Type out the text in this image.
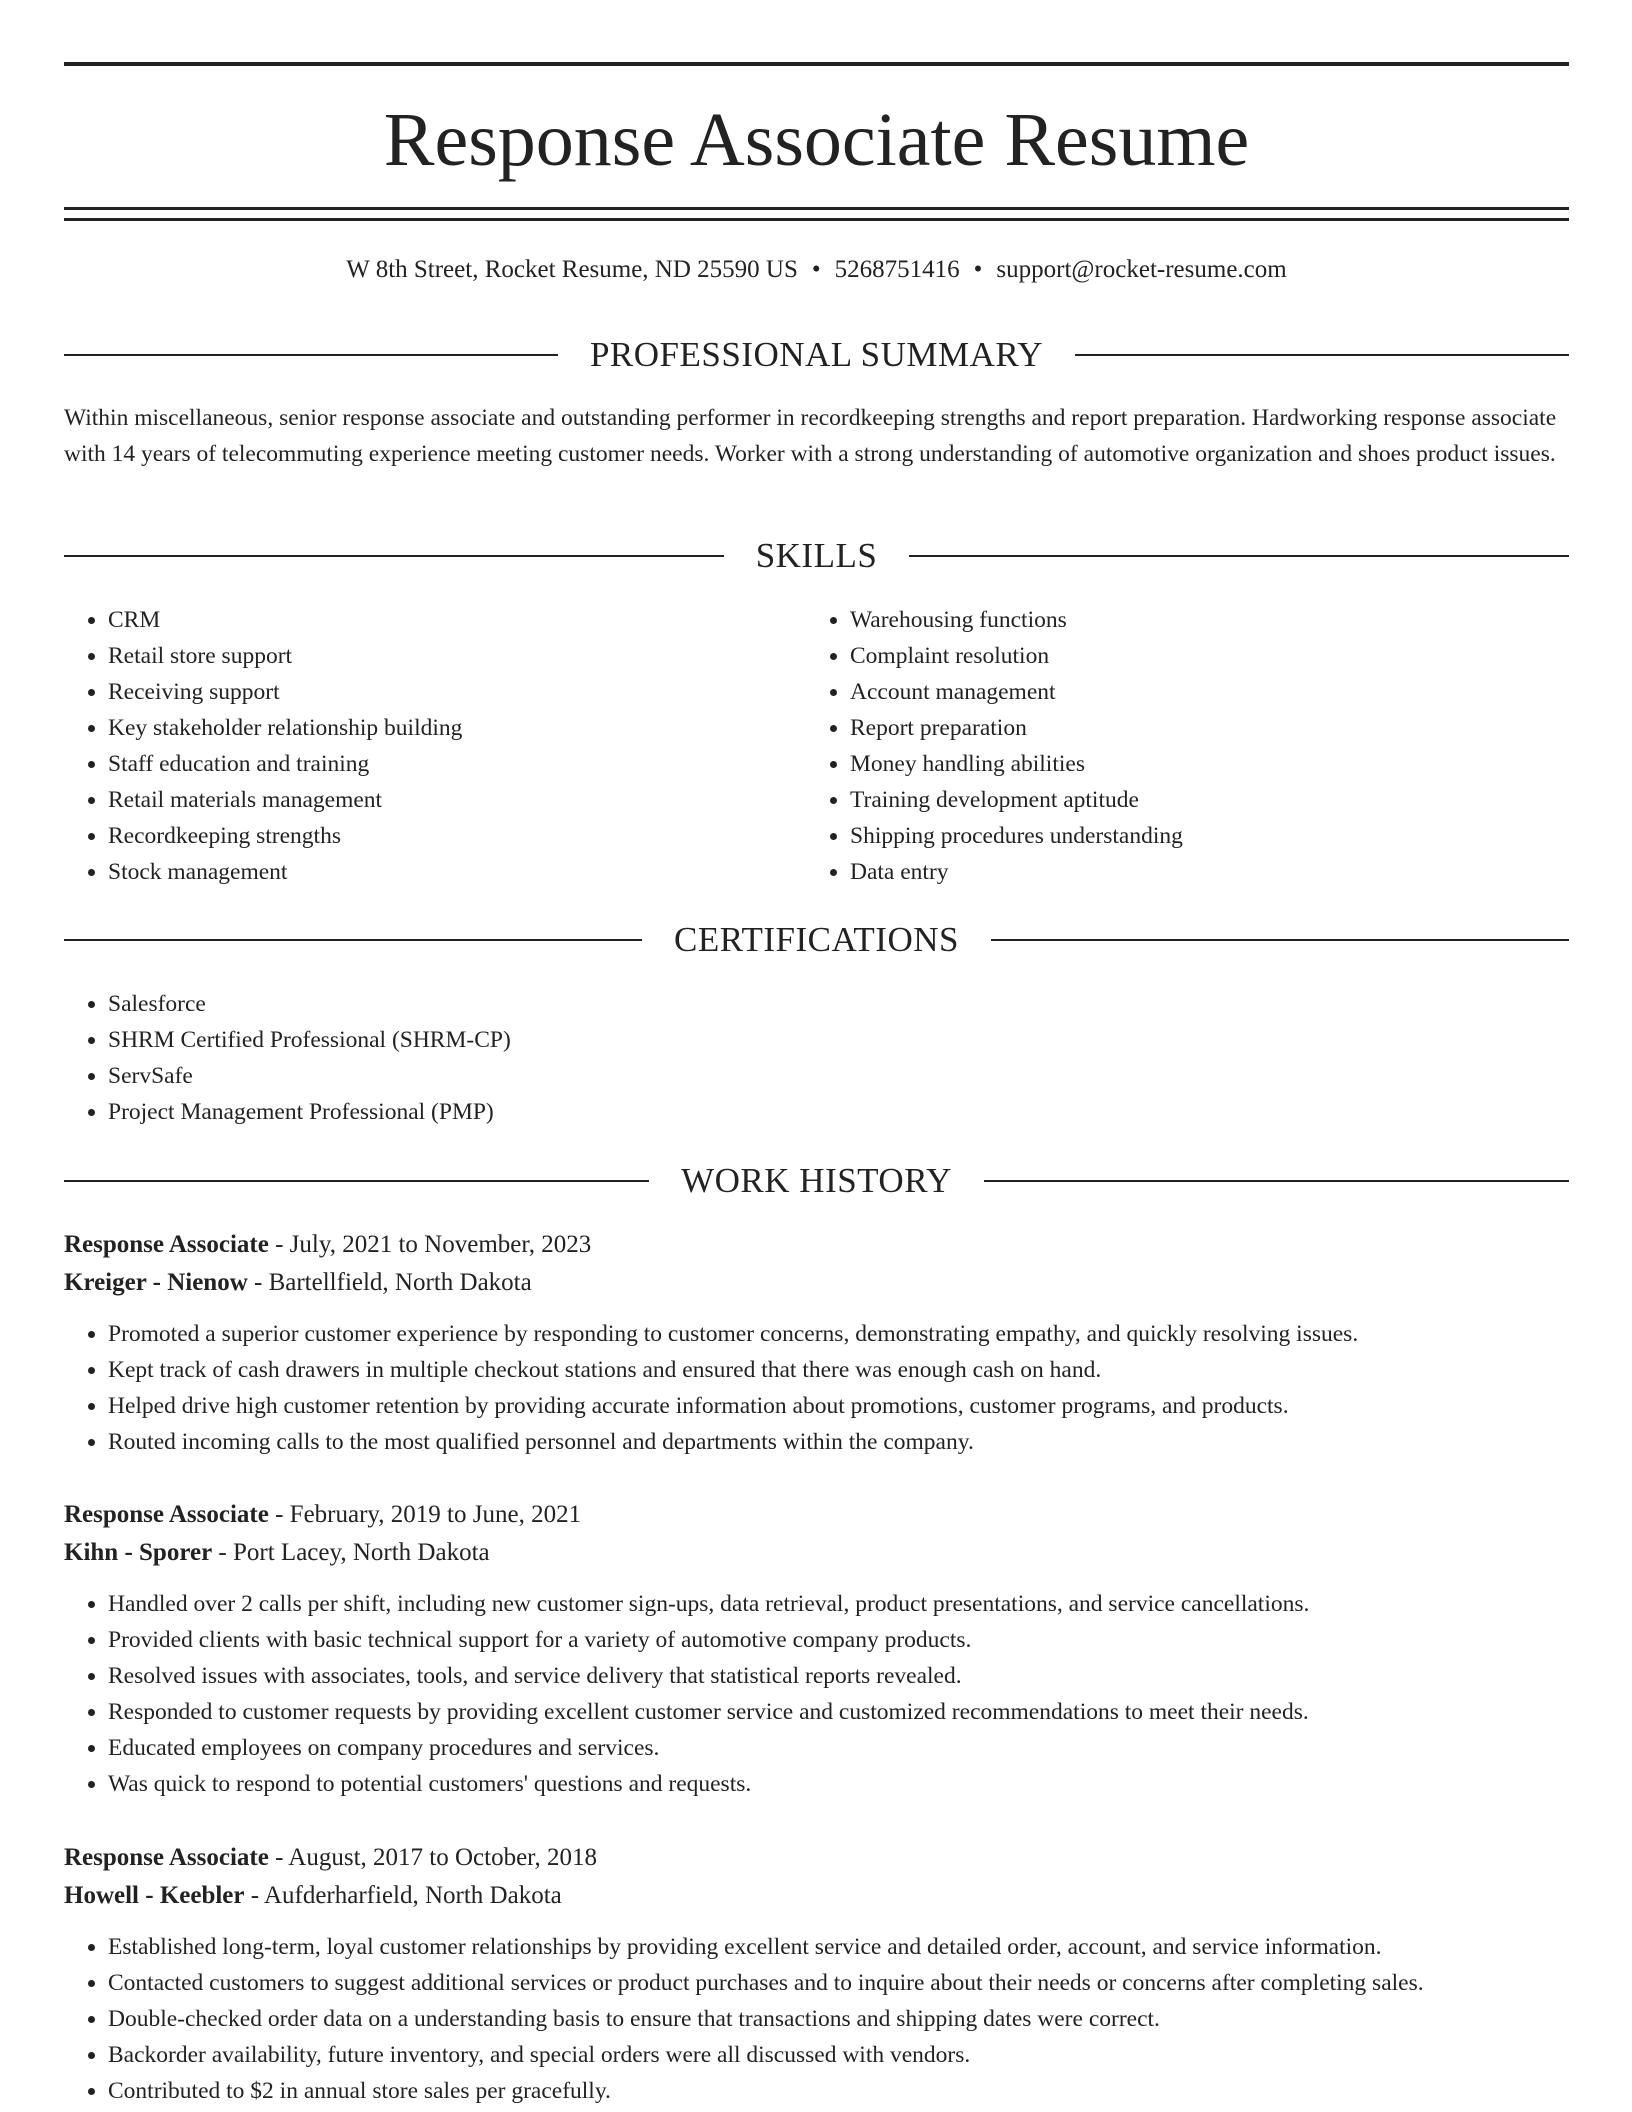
Response Assoсiate Resume
W 8th Street, Rocket Resume, ND 25590 US • 5268751416 • support@rocket-resume.com
PROFESSIONAL SUMMARY

Within miscellaneous, senior response associate and outstanding performer in recordkeeping strengths and report preparation. Hardworking response associate with 14 years of telecommuting experience meeting customer needs. Worker with a strong understanding of automotive organization and shoes product issues.

SKILLS
• CRM
• Retail store support
• Receiving support
• Key stakeholder relationship building
• Staff education and training
• Retail materials management
• Recordkeeping strengths
• Stock management
• Warehousing functions
• Complaint resolution
• Account management
• Report preparation
• Money handling abilities
• Training development aptitude
• Shipping procedures understanding
• Data entry
CERTIFICATIONS
• Salesforce
• SHRM Certified Professional (SHRM-CP)
• ServSafe
• Project Management Professional (PMP)
WORK HISTORY
Response Associate - July, 2021 to November, 2023
Kreiger - Nienow - Bartellfield, North Dakota
• Promoted a superior customer experience by responding to customer concerns, demonstrating empathy, and quickly resolving issues.
• Kept track of cash drawers in multiple checkout stations and ensured that there was enough cash on hand.
• Helped drive high customer retention by providing accurate information about promotions, customer programs, and products.
• Routed incoming calls to the most qualified personnel and departments within the company.
Response Associate - February, 2019 to June, 2021
Kihn - Sporer - Port Lacey, North Dakota
• Handled over 2 calls per shift, including new customer sign-ups, data retrieval, product presentations, and service cancellations.
• Provided clients with basic technical support for a variety of automotive company products.
• Resolved issues with associates, tools, and service delivery that statistical reports revealed.
• Responded to customer requests by providing excellent customer service and customized recommendations to meet their needs.
• Educated employees on company procedures and services.
• Was quick to respond to potential customers' questions and requests.
Response Associate - August, 2017 to October, 2018
Howell - Keebler - Aufderharfield, North Dakota
• Established long-term, loyal customer relationships by providing excellent service and detailed order, account, and service information.
• Contacted customers to suggest additional services or product purchases and to inquire about their needs or concerns after completing sales.
• Double-checked order data on a understanding basis to ensure that transactions and shipping dates were correct.
• Backorder availability, future inventory, and special orders were all discussed with vendors.
• Contributed to $2 in annual store sales per gracefully.
